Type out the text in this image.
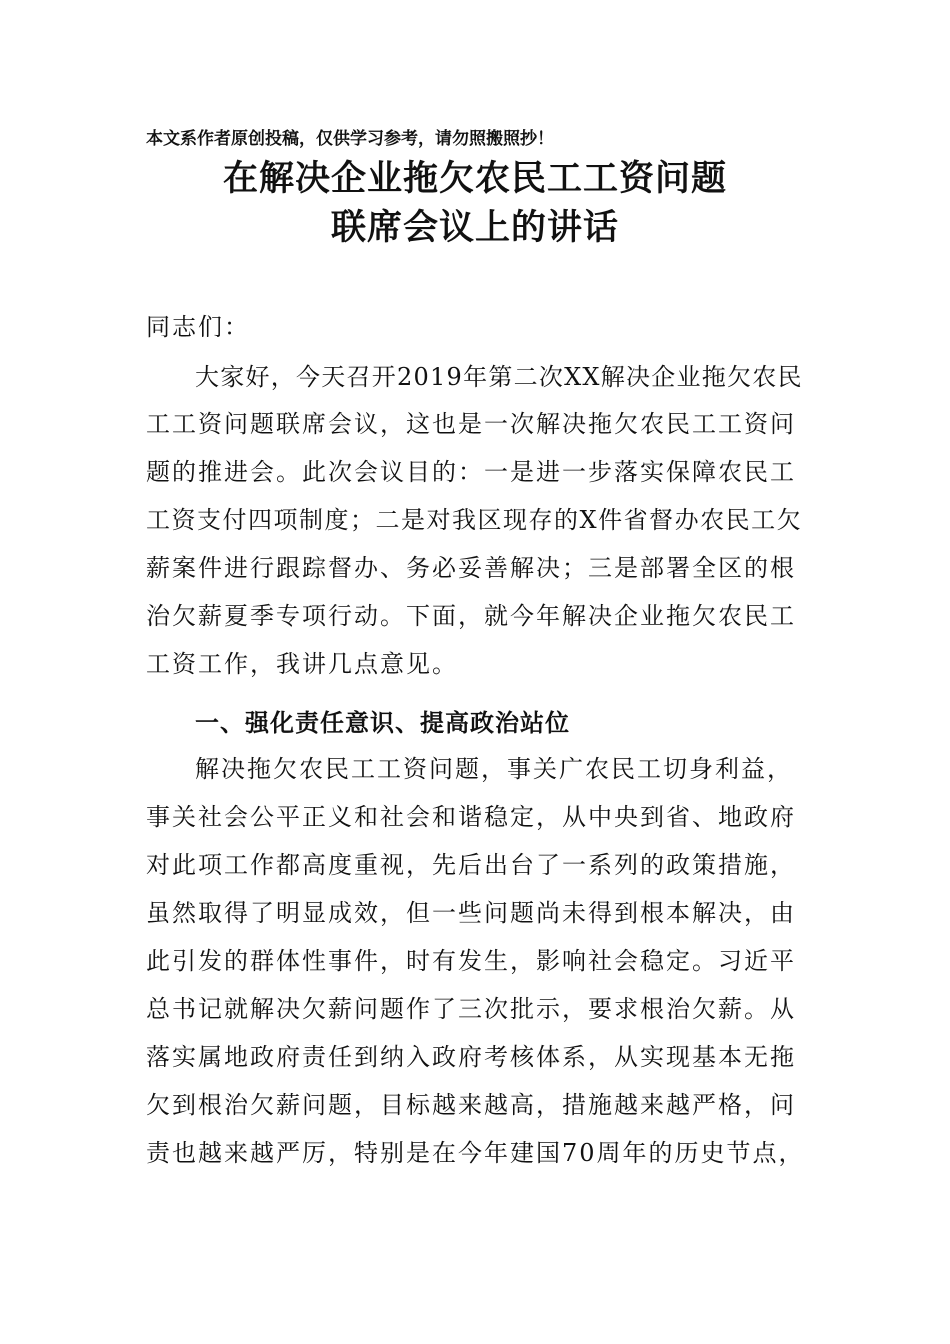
本文系作者原创投稿，仅供学习参考，请勿照搬照抄！
在解决企业拖欠农民工工资问题
联席会议上的讲话
同志们：
大家好，今天召开2019年第二次XX解决企业拖欠农民
工工资问题联席会议，这也是一次解决拖欠农民工工资问
题的推进会。此次会议目的：一是进一步落实保障农民工
工资支付四项制度；二是对我区现存的X件省督办农民工欠
薪案件进行跟踪督办、务必妥善解决；三是部署全区的根
治欠薪夏季专项行动。下面，就今年解决企业拖欠农民工
工资工作，我讲几点意见。
一、强化责任意识、提高政治站位
解决拖欠农民工工资问题，事关广农民工切身利益，
事关社会公平正义和社会和谐稳定，从中央到省、地政府
对此项工作都高度重视，先后出台了一系列的政策措施，
虽然取得了明显成效，但一些问题尚未得到根本解决，由
此引发的群体性事件，时有发生，影响社会稳定。习近平
总书记就解决欠薪问题作了三次批示，要求根治欠薪。从
落实属地政府责任到纳入政府考核体系，从实现基本无拖
欠到根治欠薪问题，目标越来越高，措施越来越严格，问
责也越来越严厉，特别是在今年建国70周年的历史节点，
